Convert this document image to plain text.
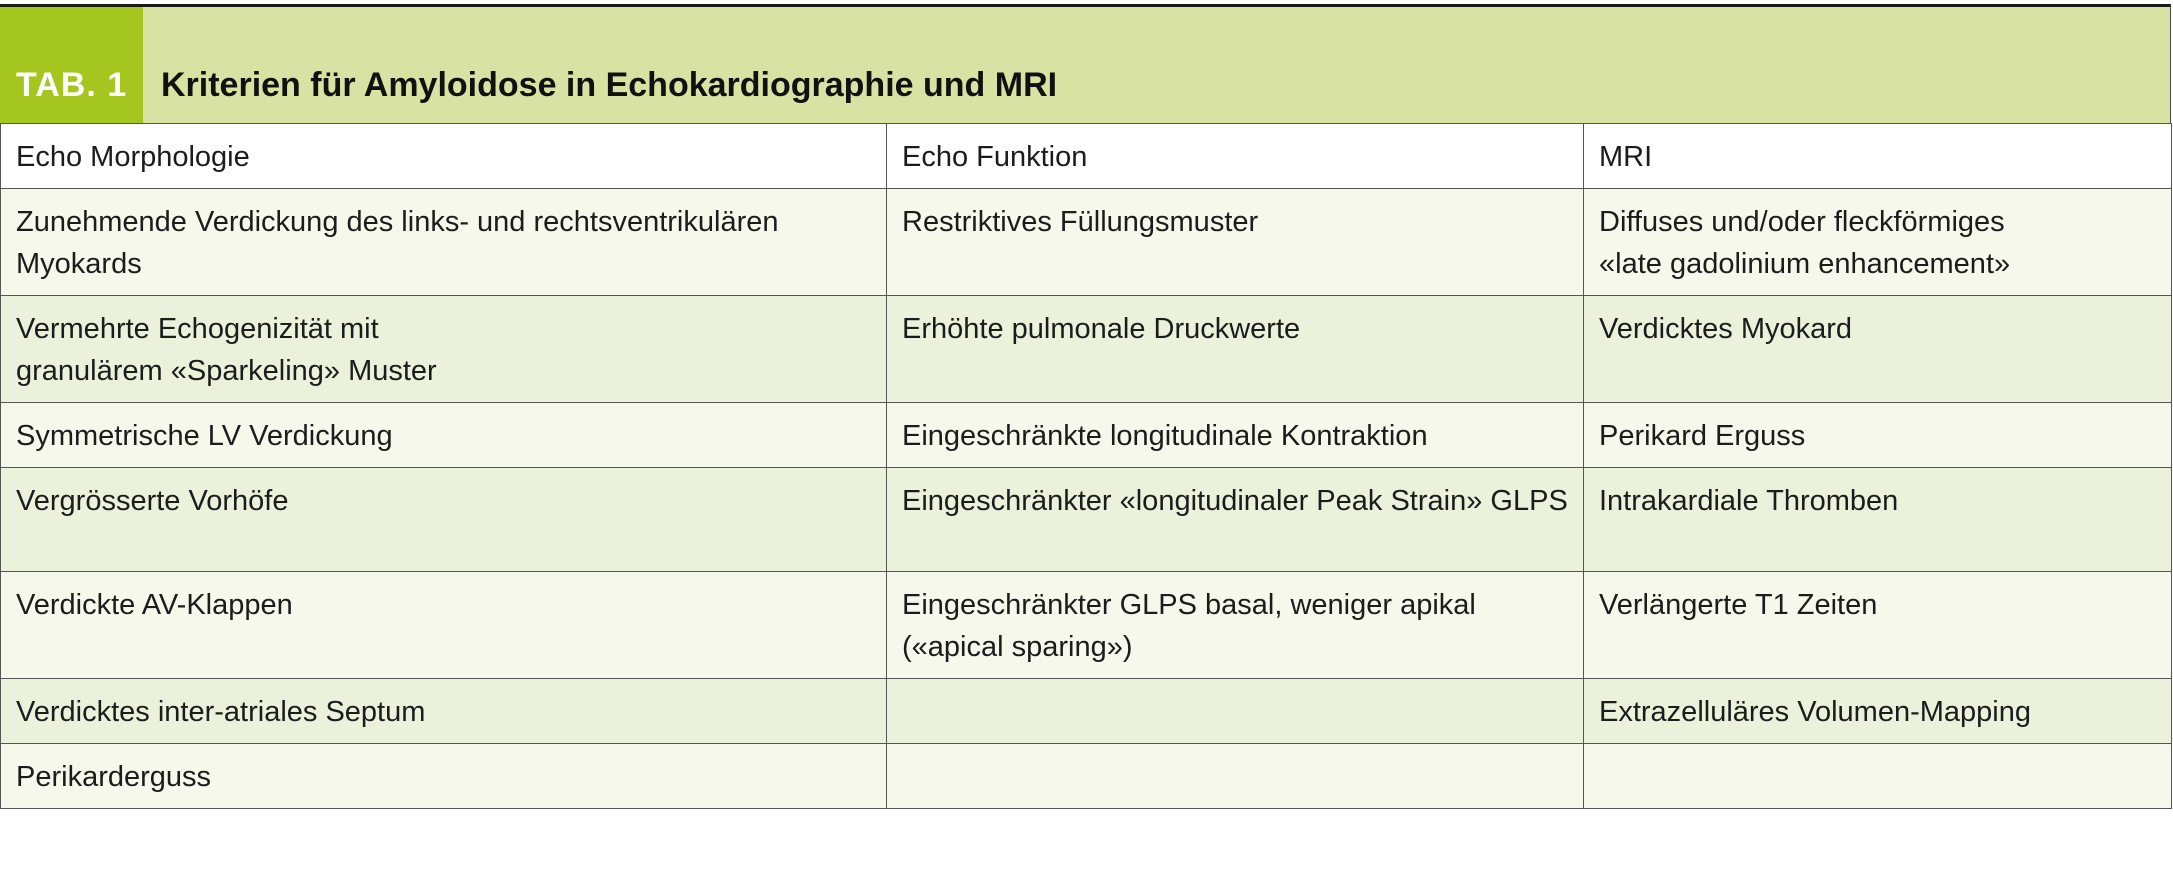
TAB. 1 Kriterien für Amyloidose in Echokardiographie und MRI
Echo Morphologie	Echo Funktion	MRI
Zunehmende Verdickung des links- und rechtsventrikulären Myokards	Restriktives Füllungsmuster	Diffuses und/oder fleckförmiges
«late gadolinium enhancement»
Vermehrte Echogenizität mit
granulärem «Sparkeling» Muster	Erhöhte pulmonale Druckwerte	Verdicktes Myokard
Symmetrische LV Verdickung	Eingeschränkte longitudinale Kontraktion	Perikard Erguss
Vergrösserte Vorhöfe	Eingeschränkter «longitudinaler Peak Strain» GLPS	Intrakardiale Thromben
Verdickte AV-Klappen	Eingeschränkter GLPS basal, weniger apikal («apical sparing»)	Verlängerte T1 Zeiten
Verdicktes inter-atriales Septum		Extrazelluläres Volumen-Mapping
Perikarderguss		
